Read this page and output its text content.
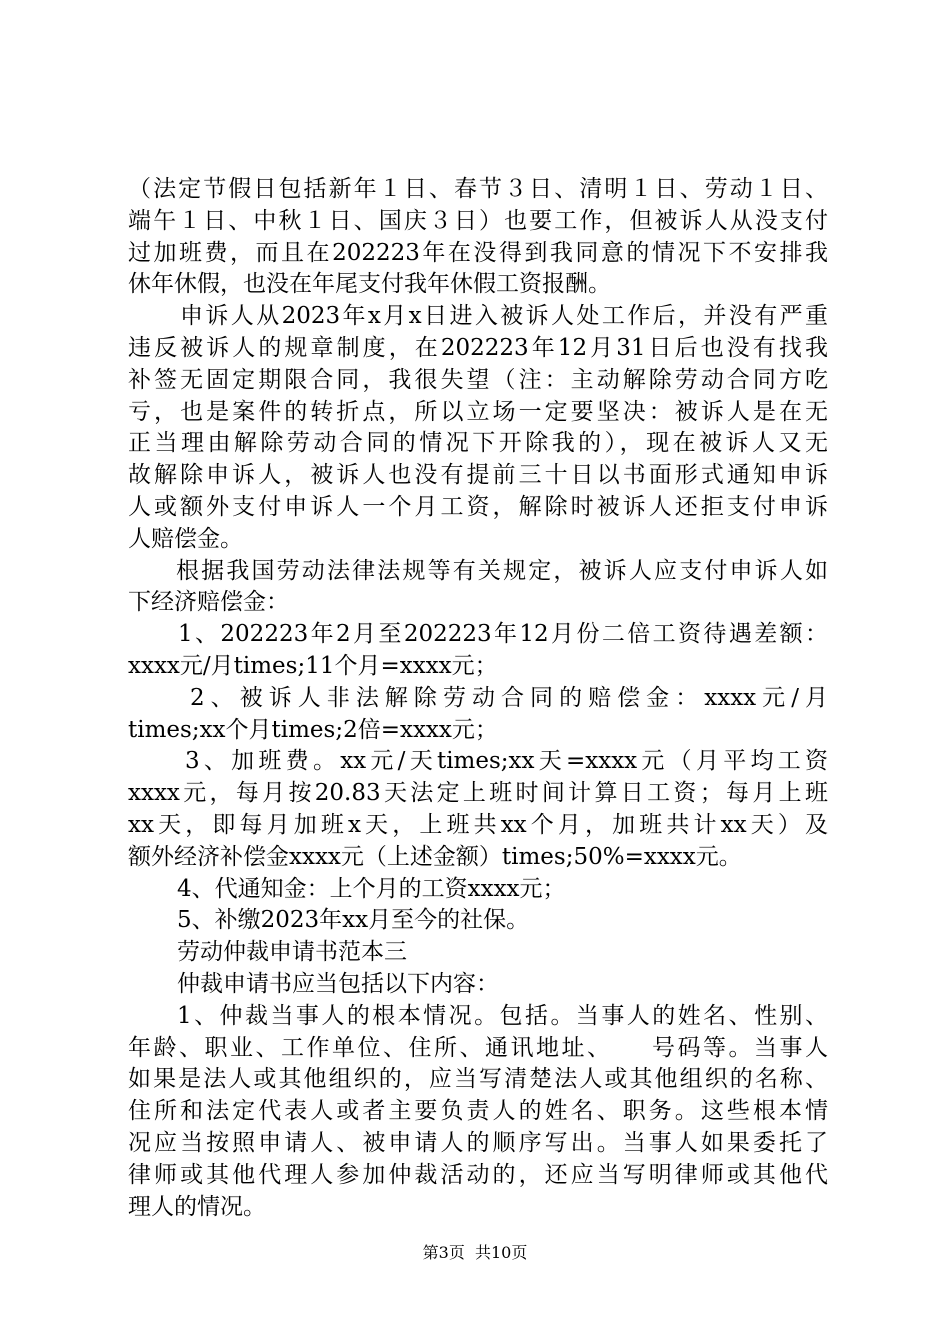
（法定节假日包括新年１日、春节３日、清明１日、劳动１日、
端午１日、中秋１日、国庆３日）也要工作，但被诉人从没支付
过加班费，而且在202223年在没得到我同意的情况下不安排我
休年休假，也没在年尾支付我年休假工资报酬。
申诉人从2023年x月x日进入被诉人处工作后，并没有严重
违反被诉人的规章制度，在202223年12月31日后也没有找我
补签无固定期限合同，我很失望（注：主动解除劳动合同方吃
亏，也是案件的转折点，所以立场一定要坚决：被诉人是在无
正当理由解除劳动合同的情况下开除我的），现在被诉人又无
故解除申诉人，被诉人也没有提前三十日以书面形式通知申诉
人或额外支付申诉人一个月工资，解除时被诉人还拒支付申诉
人赔偿金。
根据我国劳动法律法规等有关规定，被诉人应支付申诉人如
下经济赔偿金：
1、202223年2月至202223年12月份二倍工资待遇差额：
xxxx元/月times;11个月=xxxx元；
2、被诉人非法解除劳动合同的赔偿金：xxxx元/月
times;xx个月times;2倍=xxxx元；
3、加班费。xx元/天times;xx天=xxxx元（月平均工资
xxxx元，每月按20.83天法定上班时间计算日工资；每月上班
xx天，即每月加班x天，上班共xx个月，加班共计xx天）及
额外经济补偿金xxxx元（上述金额）times;50%=xxxx元。
4、代通知金：上个月的工资xxxx元；
5、补缴2023年xx月至今的社保。
劳动仲裁申请书范本三
仲裁申请书应当包括以下内容：
1、仲裁当事人的根本情况。包括。当事人的姓名、性别、
年龄、职业、工作单位、住所、通讯地址、　　号码等。当事人
如果是法人或其他组织的，应当写清楚法人或其他组织的名称、
住所和法定代表人或者主要负责人的姓名、职务。这些根本情
况应当按照申请人、被申请人的顺序写出。当事人如果委托了
律师或其他代理人参加仲裁活动的，还应当写明律师或其他代
理人的情况。
第3页  共10页
